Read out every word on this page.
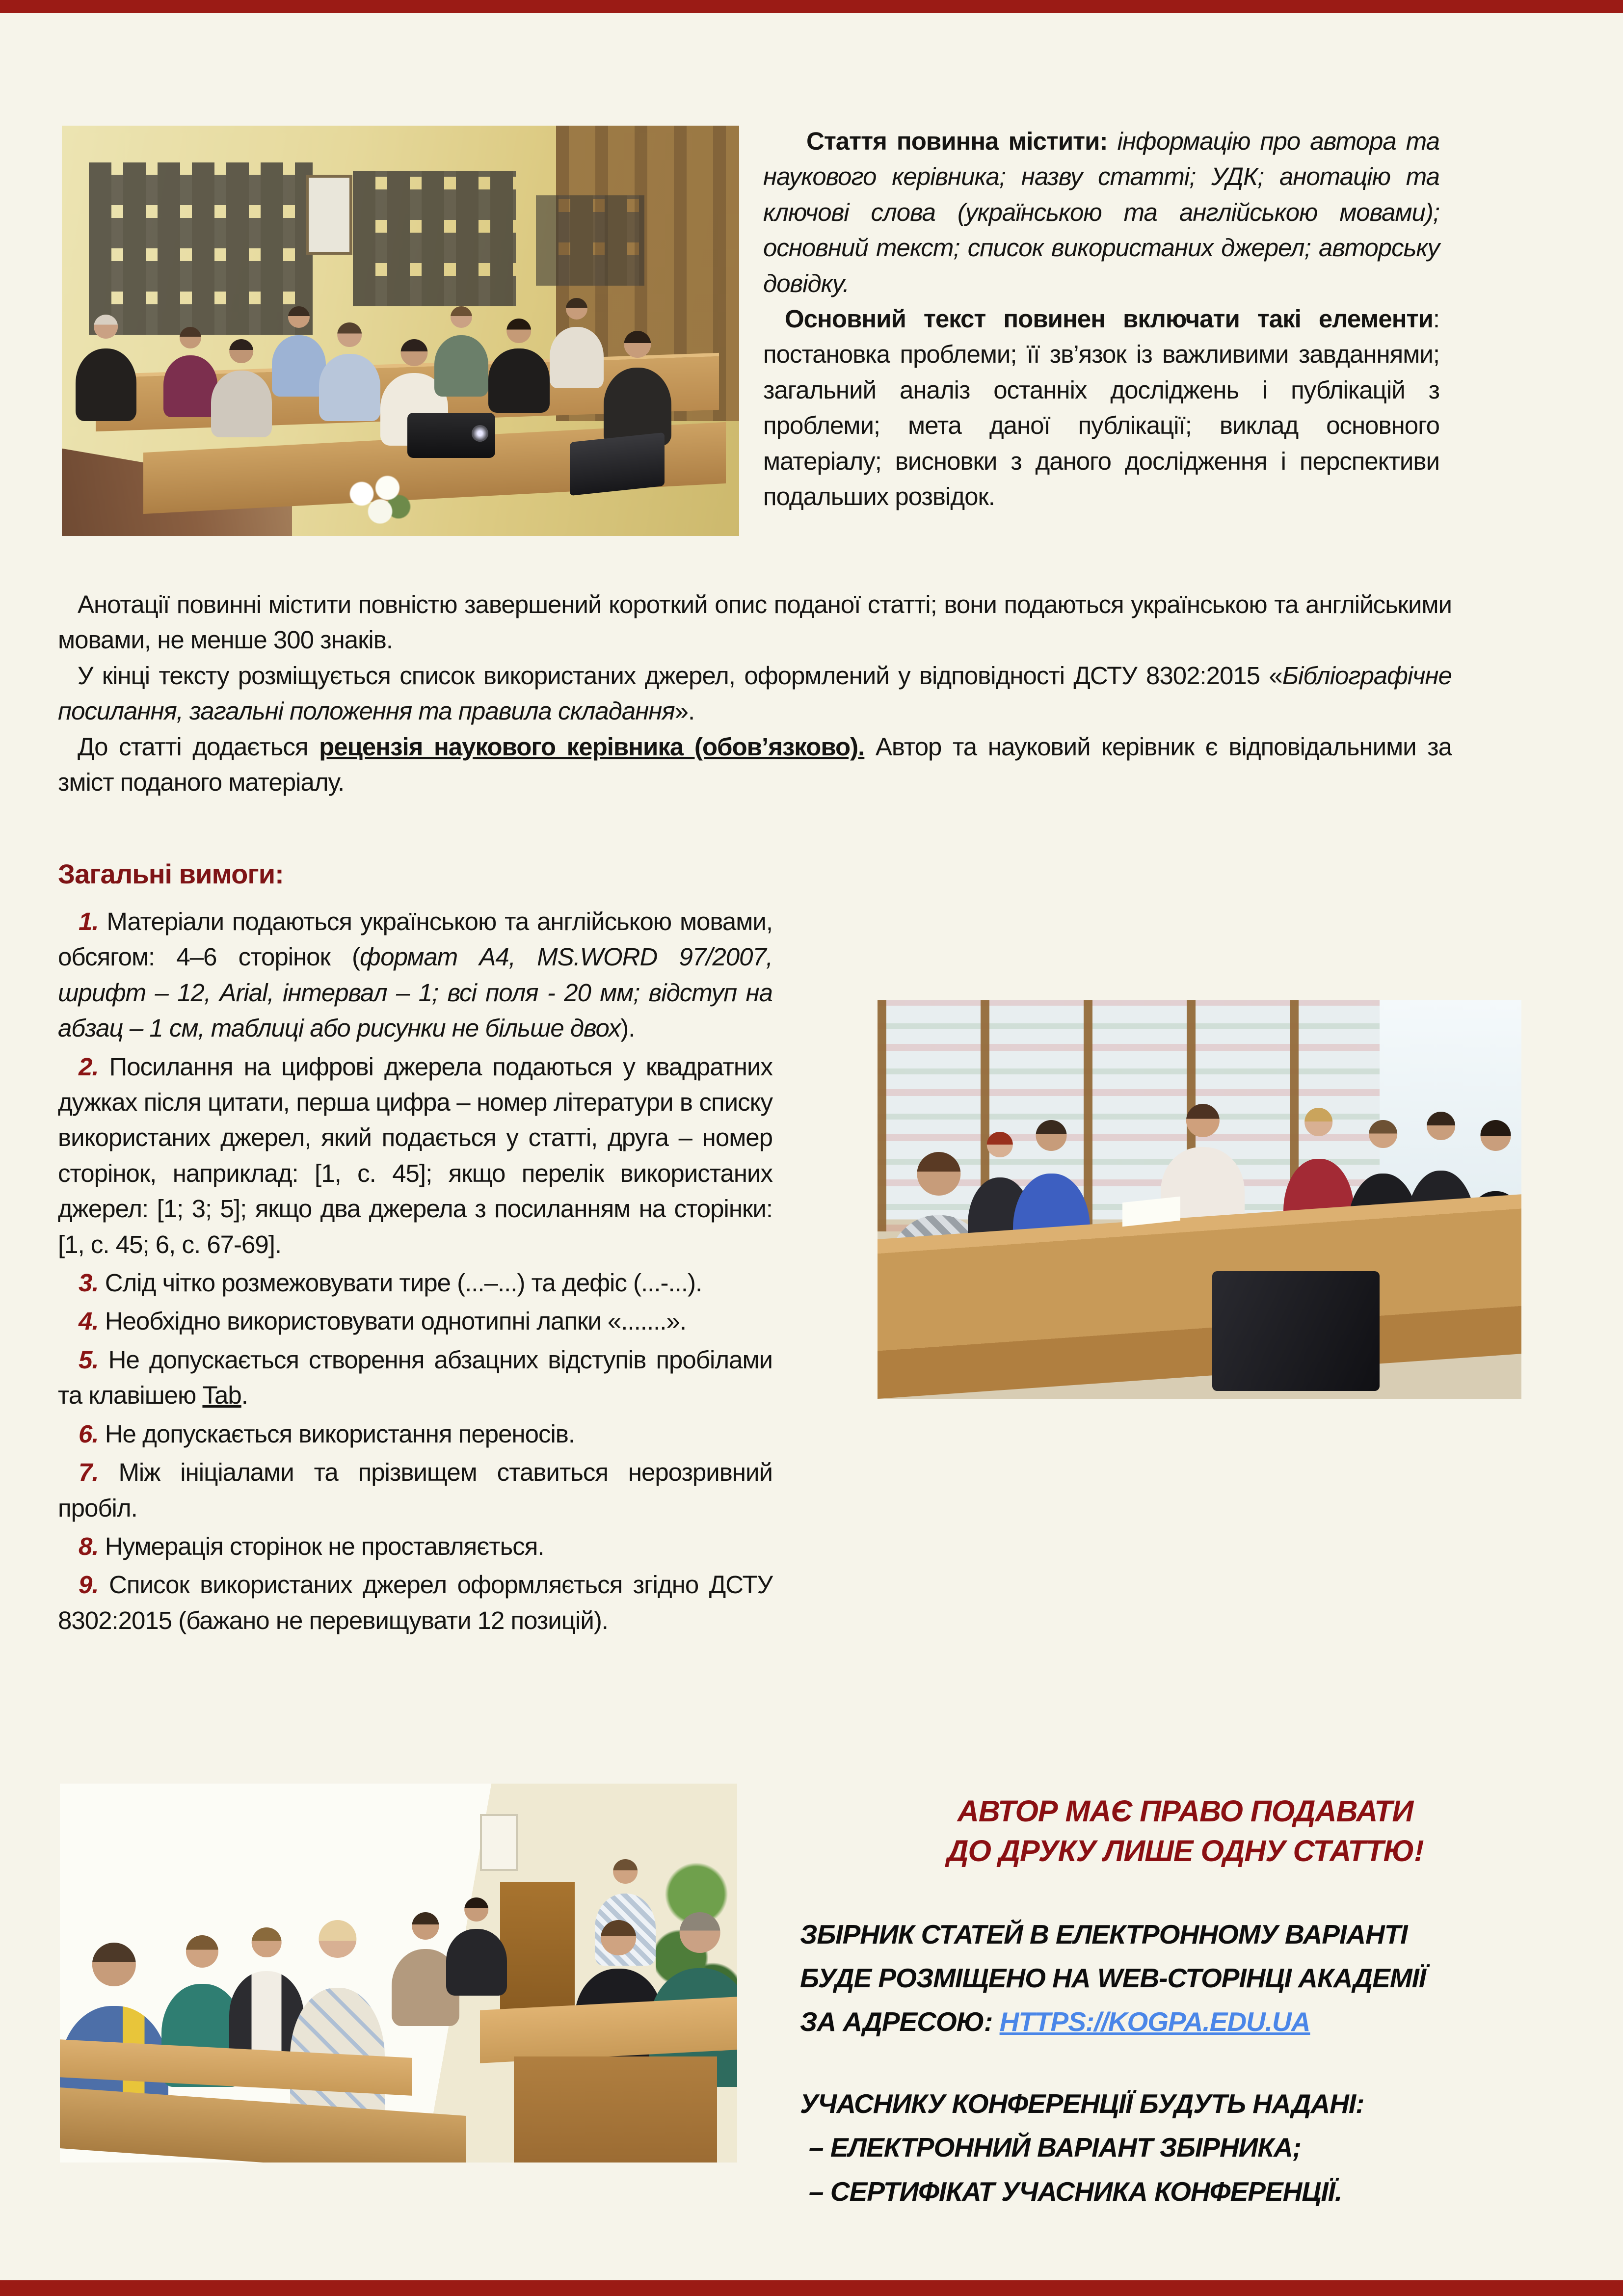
Стаття повинна містити: інформацію про автора та наукового керівника; назву статті; УДК; анотацію та ключові слова (українською та англійською мовами); основний текст; список використаних джерел; авторську довідку.

Основний текст повинен включати такі елементи: постановка проблеми; її зв’язок із важливими завданнями; загальний аналіз останніх досліджень і публікацій з проблеми; мета даної публікації; виклад основного матеріалу; висновки з даного дослідження і перспективи подальших розвідок.

Анотації повинні містити повністю завершений короткий опис поданої статті; вони подаються українською та англійськими мовами, не менше 300 знаків.

У кінці тексту розміщується список використаних джерел, оформлений у відповідності ДСТУ 8302:2015 «Бібліографічне посилання, загальні положення та правила складання».

До статті додається рецензія наукового керівника (обов’язково). Автор та науковий керівник є відповідальними за зміст поданого матеріалу.

Загальні вимоги:
1. Матеріали подаються українською та англійською мовами, обсягом: 4–6 сторінок (формат А4, MS.WORD 97/2007, шрифт – 12, Arial, інтервал – 1; всі поля - 20 мм; відступ на абзац – 1 см, таблиці або рисунки не більше двох).
2. Посилання на цифрові джерела подаються у квадратних дужках після цитати, перша цифра – номер літератури в списку використаних джерел, який подається у статті, друга – номер сторінок, наприклад: [1, с. 45]; якщо перелік використаних джерел: [1; 3; 5]; якщо два джерела з посиланням на сторінки: [1, с. 45; 6, с. 67-69].
3. Слід чітко розмежовувати тире (...–...) та дефіс (...-...).
4. Необхідно використовувати однотипні лапки «.......».
5. Не допускається створення абзацних відступів пробілами та клавішею Tab.
6. Не допускається використання переносів.
7. Між ініціалами та прізвищем ставиться нерозривний пробіл.
8. Нумерація сторінок не проставляється.
9. Список використаних джерел оформляється згідно ДСТУ 8302:2015 (бажано не перевищувати 12 позицій).

АВТОР МАЄ ПРАВО ПОДАВАТИ
ДО ДРУКУ ЛИШЕ ОДНУ СТАТТЮ!

ЗБІРНИК СТАТЕЙ В ЕЛЕКТРОННОМУ ВАРІАНТІ
БУДЕ РОЗМІЩЕНО НА WEB-СТОРІНЦІ АКАДЕМІЇ
ЗА АДРЕСОЮ: HTTPS://KOGPA.EDU.UA
УЧАСНИКУ КОНФЕРЕНЦІЇ БУДУТЬ НАДАНІ:
– ЕЛЕКТРОННИЙ ВАРІАНТ ЗБІРНИКА;
– СЕРТИФІКАТ УЧАСНИКА КОНФЕРЕНЦІЇ.
